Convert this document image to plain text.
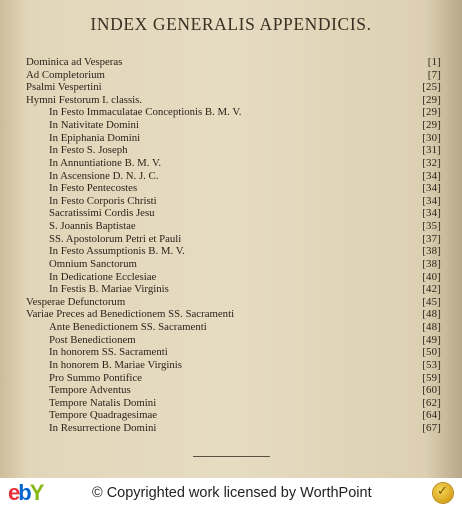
INDEX GENERALIS APPENDICIS.
Dominica ad Vesperas	[1]
Ad Completorium	[7]
Psalmi Vespertini	[25]
Hymni Festorum I. classis.	[29]
In Festo Immaculatae Conceptionis B. M. V.	[29]
In Nativitate Domini	[29]
In Epiphania Domini	[30]
In Festo S. Joseph	[31]
In Annuntiatione B. M. V.	[32]
In Ascensione D. N. J. C.	[34]
In Festo Pentecostes	[34]
In Festo Corporis Christi	[34]
Sacratissimi Cordis Jesu	[34]
S. Joannis Baptistae	[35]
SS. Apostolorum Petri et Pauli	[37]
In Festo Assumptionis B. M. V.	[38]
Omnium Sanctorum	[38]
In Dedicatione Ecclesiae	[40]
In Festis B. Mariae Virginis	[42]
Vesperae Defunctorum	[45]
Variae Preces ad Benedictionem SS. Sacramenti	[48]
Ante Benedictionem SS. Sacramenti	[48]
Post Benedictionem	[49]
In honorem SS. Sacramenti	[50]
In honorem B. Mariae Virginis	[53]
Pro Summo Pontifice	[59]
Tempore Adventus	[60]
Tempore Natalis Domini	[62]
Tempore Quadragesimae	[64]
In Resurrectione Domini	[67]
ebY	© Copyrighted work licensed by WorthPoint
✓
